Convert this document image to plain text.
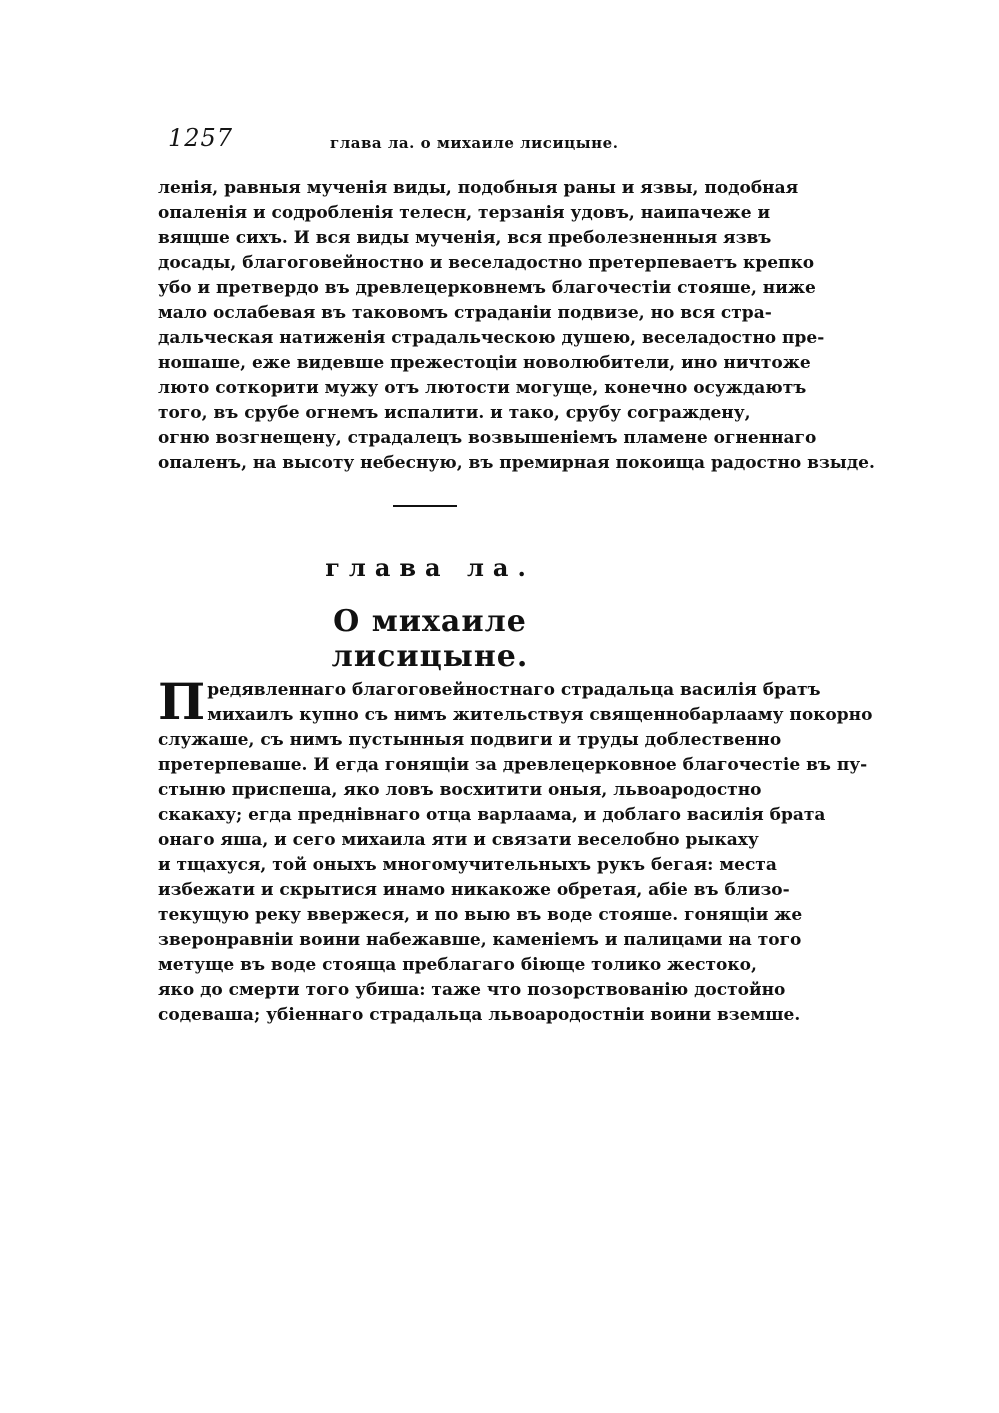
1257	глава ла. о михаиле лисицыне.
ленія, равныя мученія виды, подобныя раны и язвы, подобная
опаленія и содробленія телесн, терзанія удовъ, наипачеже и
вящше сихъ. И вся виды мученія, вся преболезненныя язвъ
досады, благоговейностно и веселадостно претерпеваетъ крепко
убо и претвердо въ древлецерковнемъ благочестіи стояше, ниже
мало ослабевая въ таковомъ страданіи подвизе, но вся стра-
дальческая натиженія страдальческою душею, веселадостно пре-
ношаше, еже видевше прежестоціи новолюбители, ино ничтоже
люто соткорити мужу отъ лютости могуще, конечно осуждаютъ
того, въ срубе огнемъ испалити. и тако, срубу сограждену,
огню возгнещену, страдалецъ возвышеніемъ пламене огненнаго
опаленъ, на высоту небесную, въ премирная покоища радостно взыде.
глава ла.
О михаиле лисицыне.
П редявленнаго благоговейностнаго страдальца василія братъ
михаилъ купно съ нимъ жительствуя священнобарлааму покорно
служаше, съ нимъ пустынныя подвиги и труды доблественно
претерпеваше. И егда гонящіи за древлецерковное благочестіе въ пу-
стыню приспеша, яко ловъ восхитити оныя, львоародостно
скакаху; егда преднівнаго отца варлаама, и доблаго василія брата
онаго яша, и сего михаила яти и связати веселобно рыкаху
и тщахуся, той оныхъ многомучительныхъ рукъ бегая: места
избежати и скрытися инамо никакоже обретая, абіе въ близо-
текущую реку ввержеся, и по выю въ воде стояше. гонящіи же
зверонравніи воини набежавше, каменіемъ и палицами на того
метуще въ воде стояща преблагаго біюще толико жестоко,
яко до смерти того убиша: таже что позорствованію достойно
содеваша; убіеннаго страдальца львоародостніи воини вземше.
